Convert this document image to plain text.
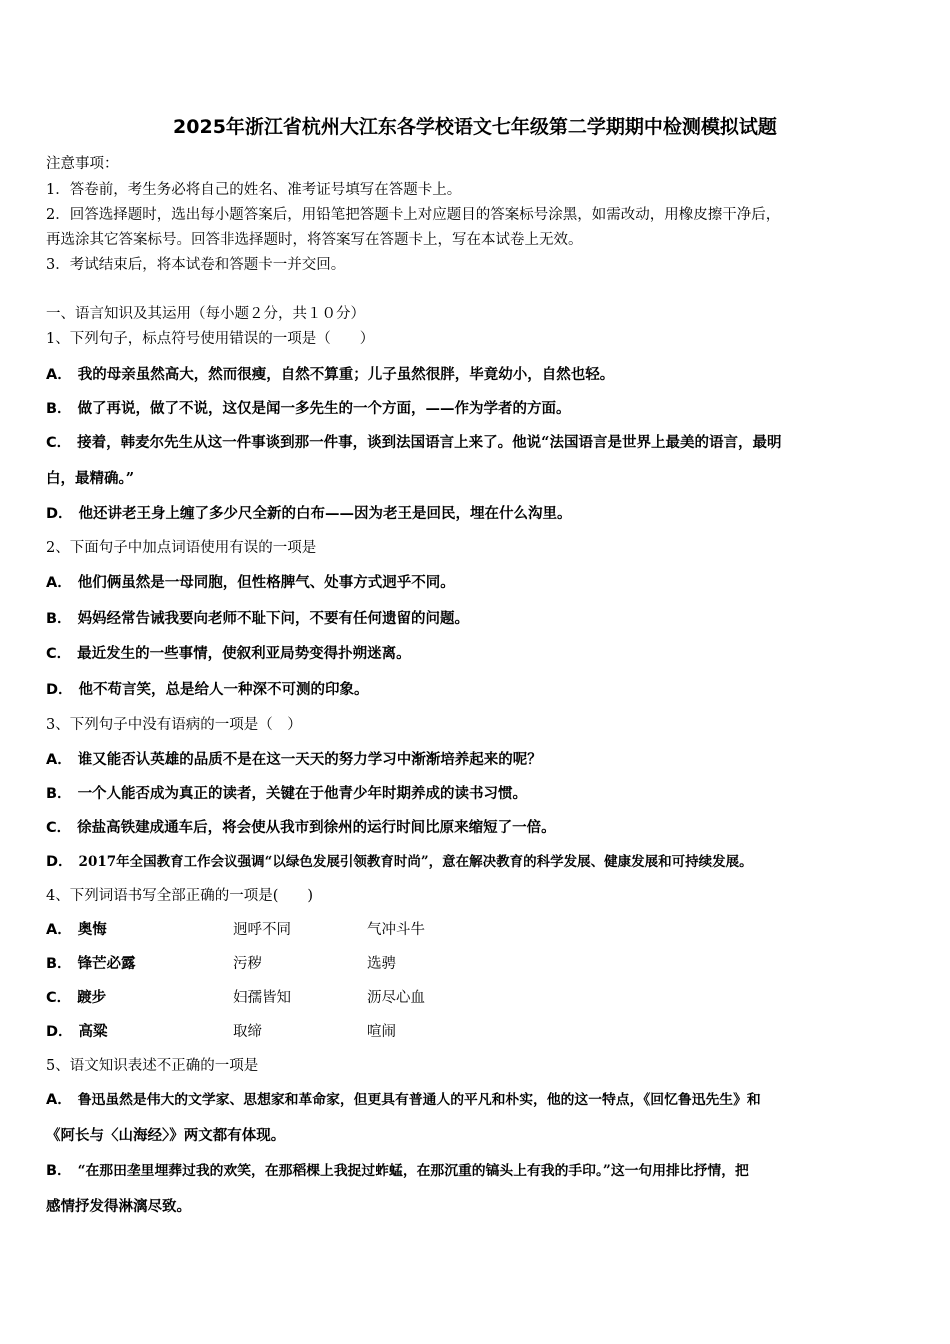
2025年浙江省杭州大江东各学校语文七年级第二学期期中检测模拟试题
注意事项：
1．答卷前，考生务必将自己的姓名、准考证号填写在答题卡上。
2．回答选择题时，选出每小题答案后，用铅笔把答题卡上对应题目的答案标号涂黑，如需改动，用橡皮擦干净后，
再选涂其它答案标号。回答非选择题时，将答案写在答题卡上，写在本试卷上无效。
3．考试结束后，将本试卷和答题卡一并交回。
一、语言知识及其运用（每小题２分，共１０分）
1、下列句子，标点符号使用错误的一项是（　　）
A． 我的母亲虽然高大，然而很瘦，自然不算重；儿子虽然很胖，毕竟幼小，自然也轻。
B． 做了再说，做了不说，这仅是闻一多先生的一个方面，——作为学者的方面。
C． 接着，韩麦尔先生从这一件事谈到那一件事，谈到法国语言上来了。他说“法国语言是世界上最美的语言，最明
白，最精确。”
D． 他还讲老王身上缠了多少尺全新的白布——因为老王是回民，埋在什么沟里。
2、下面句子中加点词语使用有误的一项是
A． 他们俩虽然是一母同胞，但性格脾气、处事方式迥乎不同。
B． 妈妈经常告诫我要向老师不耻下问，不要有任何遗留的问题。
C． 最近发生的一些事情，使叙利亚局势变得扑朔迷离。
D． 他不苟言笑，总是给人一种深不可测的印象。
3、下列句子中没有语病的一项是（　）
A． 谁又能否认英雄的品质不是在这一天天的努力学习中渐渐培养起来的呢？
B． 一个人能否成为真正的读者，关键在于他青少年时期养成的读书习惯。
C． 徐盐高铁建成通车后，将会使从我市到徐州的运行时间比原来缩短了一倍。
D． 2017年全国教育工作会议强调“以绿色发展引领教育时尚”，意在解决教育的科学发展、健康发展和可持续发展。
4、下列词语书写全部正确的一项是(　　)
A． 奥悔	迥呼不同	气冲斗牛
B． 锋芒必露	污秽	选骋
C． 踱步	妇孺皆知	沥尽心血
D． 高粱	取缔	喧闹
5、语文知识表述不正确的一项是
A． 鲁迅虽然是伟大的文学家、思想家和革命家，但更具有普通人的平凡和朴实，他的这一特点，《回忆鲁迅先生》和
《阿长与〈山海经〉》两文都有体现。
B． “在那田垄里埋葬过我的欢笑，在那稻棵上我捉过蚱蜢，在那沉重的镐头上有我的手印。”这一句用排比抒情，把
感情抒发得淋漓尽致。
